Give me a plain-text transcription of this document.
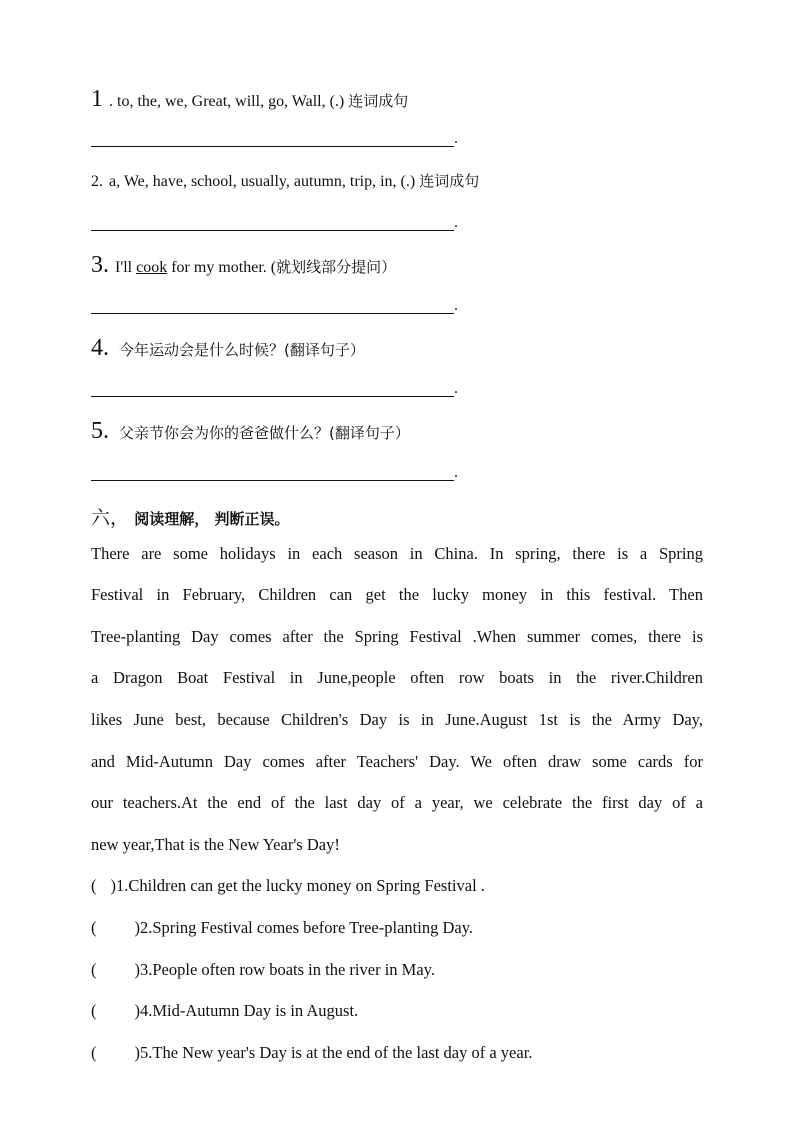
1 . to, the, we, Great, will, go, Wall, (.) 连词成句
.
2. a, We, have, school, usually, autumn, trip, in, (.) 连词成句
.
3. I'll cook for my mother. (就划线部分提问）
.
4. 今年运动会是什么时候？(翻译句子）
.
5. 父亲节你会为你的爸爸做什么？(翻译句子）
.
六， 阅读理解， 判断正误。
There are some holidays in each season in China. In spring, there is a Spring
Festival in February, Children can get the lucky money in this festival. Then
Tree-planting Day comes after the Spring Festival .When summer comes, there is
a Dragon Boat Festival in June,people often row boats in the river.Children
likes June best, because Children's Day is in June.August 1st is the Army Day,
and Mid-Autumn Day comes after Teachers' Day. We often draw some cards for
our teachers.At the end of the last day of a year, we celebrate the first day of a
new year,That is the New Year's Day!
( )1.Children can get the lucky money on Spring Festival .
( )2.Spring Festival comes before Tree-planting Day.
( )3.People often row boats in the river in May.
( )4.Mid-Autumn Day is in August.
( )5.The New year's Day is at the end of the last day of a year.
